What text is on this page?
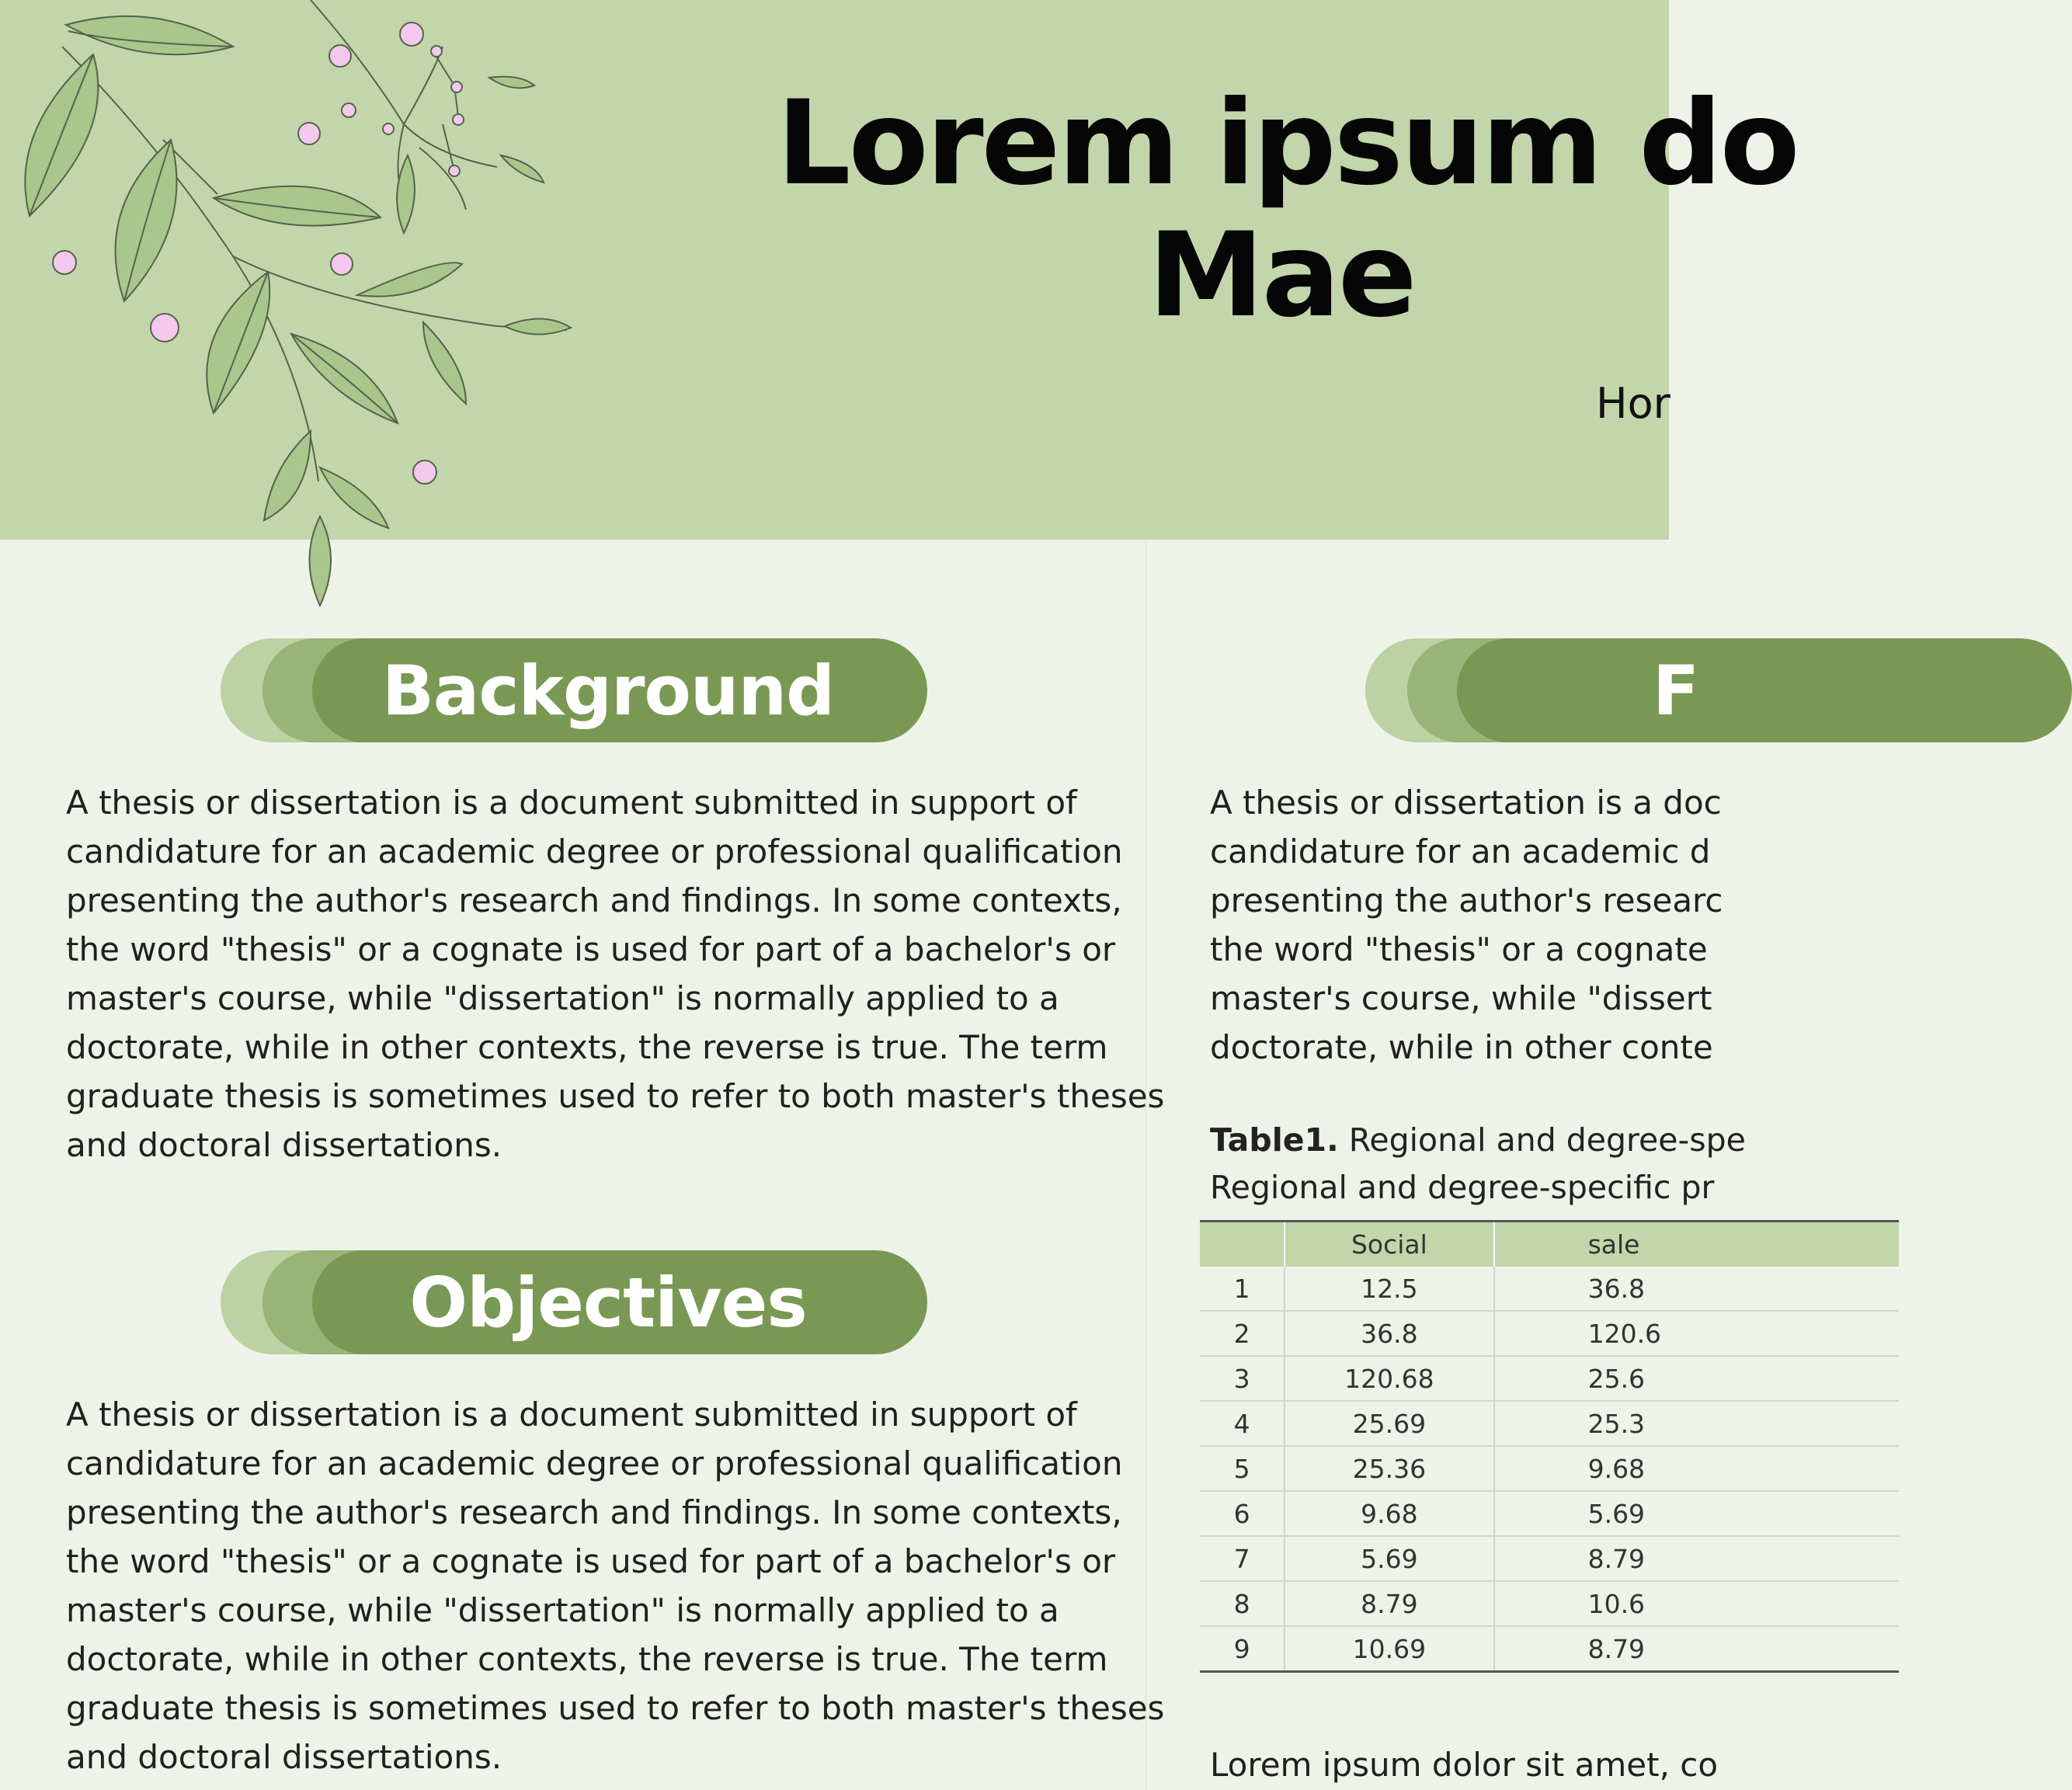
Lorem ipsum do
Mae

Hor

Background

A thesis or dissertation is a document submitted in support of
candidature for an academic degree or professional qualification
presenting the author's research and findings. In some contexts,
the word "thesis" or a cognate is used for part of a bachelor's or
master's course, while "dissertation" is normally applied to a
doctorate, while in other contexts, the reverse is true. The term
graduate thesis is sometimes used to refer to both master's theses
and doctoral dissertations.

Objectives

A thesis or dissertation is a document submitted in support of
candidature for an academic degree or professional qualification
presenting the author's research and findings. In some contexts,
the word "thesis" or a cognate is used for part of a bachelor's or
master's course, while "dissertation" is normally applied to a
doctorate, while in other contexts, the reverse is true. The term
graduate thesis is sometimes used to refer to both master's theses
and doctoral dissertations.

F

A thesis or dissertation is a doc
candidature for an academic d
presenting the author's researc
the word "thesis" or a cognate
master's course, while "dissert
doctorate, while in other conte

Table1. Regional and degree-spe
Regional and degree-specific pr

	Social	sale
1	12.5	36.8
2	36.8	120.6
3	120.68	25.6
4	25.69	25.3
5	25.36	9.68
6	9.68	5.69
7	5.69	8.79
8	8.79	10.6
9	10.69	8.79

Lorem ipsum dolor sit amet, co
